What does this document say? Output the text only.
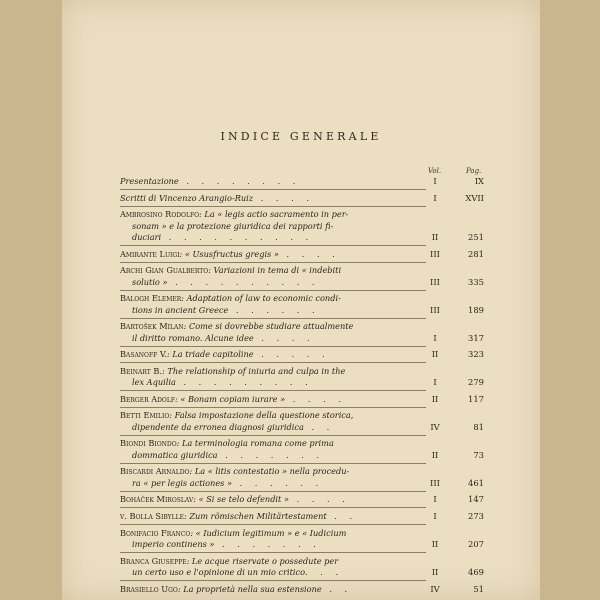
INDICE GENERALE
Vol.	Pag.
Presentazione . . . . . . . .	I	IX
Scritti di Vincenzo Arangio-Ruiz . . . .	I	XVII
Ambrosino Rodolfo: La « legis actio sacramento in per-
sonam » e la protezione giuridica dei rapporti fi-
duciari . . . . . . . . . .	II	251
Amirante Luigi: « Ususfructus gregis » . . . .	III	281
Archi Gian Gualberto: Variazioni in tema di « indebiti
solutio » . . . . . . . . . .	III	335
Balogh Elemer: Adaptation of law to economic condi-
tions in ancient Greece . . . . . .	III	189
Bartošek Milan: Come si dovrebbe studiare attualmente
il diritto romano. Alcune idee . . . .	I	317
Basanoff V.: La triade capitoline . . . . .	II	323
Beinart B.: The relationship of iniuria and culpa in the
lex Aquilia . . . . . . . . .	I	279
Berger Adolf: « Bonam copiam iurare » . . . .	II	117
Betti Emilio: Falsa impostazione della questione storica,
dipendente da erronea diagnosi giuridica . .	IV	81
Biondi Biondo: La terminologia romana come prima
dommatica giuridica . . . . . . .	II	73
Biscardi Arnaldo: La « litis contestatio » nella procedu-
ra « per legis actiones » . . . . . .	III	461
Boháček Miroslav: « Si se telo defendit » . . . .	I	147
v. Bolla Sibylle: Zum römischen Militärtestament . .	I	273
Bonifacio Franco: « Iudicium legitimum » e « Iudicium
imperio continens » . . . . . . .	II	207
Branca Giuseppe: Le acque riservate o possedute per
un certo uso e l'opinione di un mio critico. . .	II	469
Brasiello Ugo: La proprietà nella sua estensione . .	IV	51
